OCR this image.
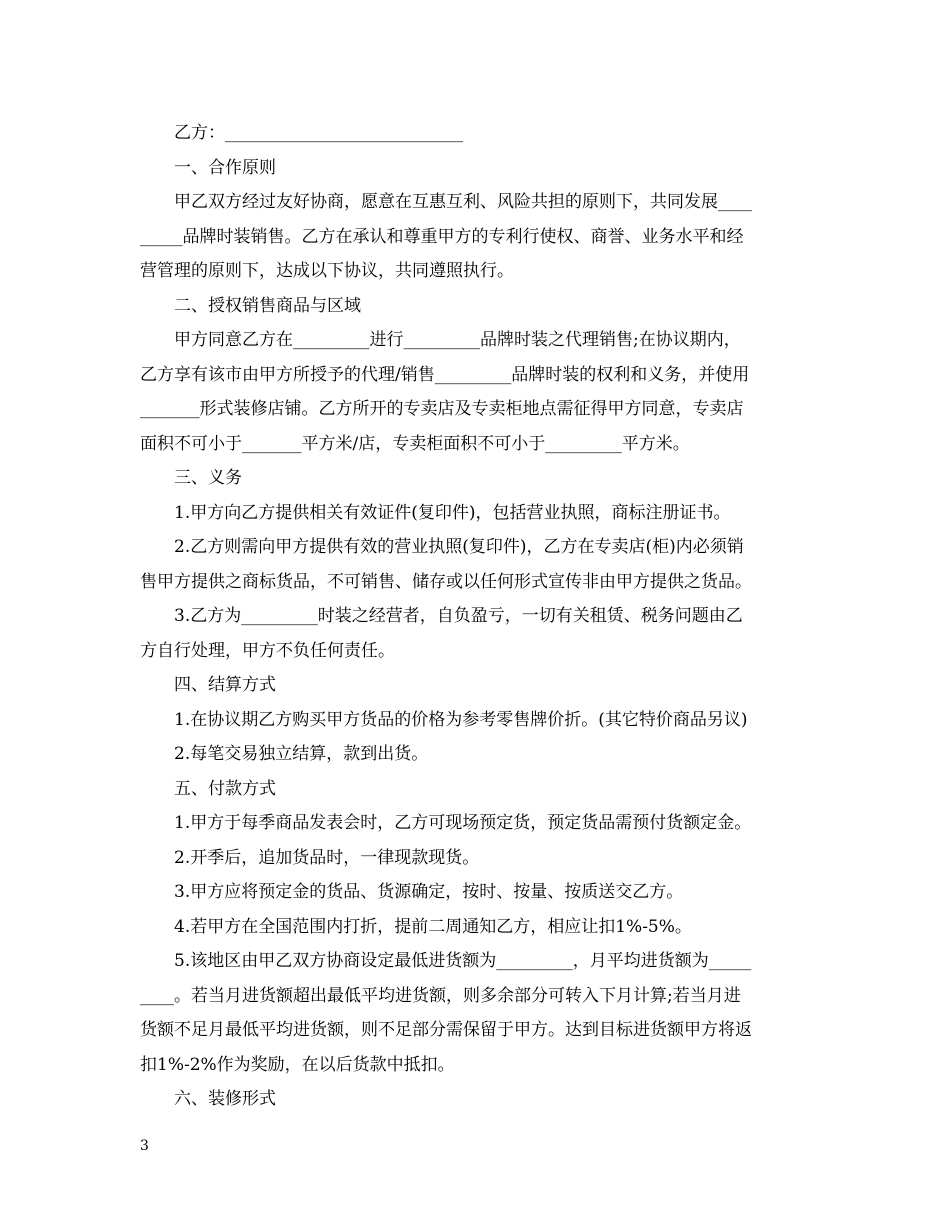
乙方：____________________________
一、合作原则
甲乙双方经过友好协商，愿意在互惠互利、风险共担的原则下，共同发展____
_____品牌时装销售。乙方在承认和尊重甲方的专利行使权、商誉、业务水平和经
营管理的原则下，达成以下协议，共同遵照执行。
二、授权销售商品与区域
甲方同意乙方在_________进行_________品牌时装之代理销售;在协议期内，
乙方享有该市由甲方所授予的代理/销售_________品牌时装的权利和义务，并使用
_______形式装修店铺。乙方所开的专卖店及专卖柜地点需征得甲方同意，专卖店
面积不可小于_______平方米/店，专卖柜面积不可小于_________平方米。
三、义务
1.甲方向乙方提供相关有效证件(复印件)，包括营业执照，商标注册证书。
2.乙方则需向甲方提供有效的营业执照(复印件)，乙方在专卖店(柜)内必须销
售甲方提供之商标货品，不可销售、储存或以任何形式宣传非由甲方提供之货品。
3.乙方为_________时装之经营者，自负盈亏，一切有关租赁、税务问题由乙
方自行处理，甲方不负任何责任。
四、结算方式
1.在协议期乙方购买甲方货品的价格为参考零售牌价折。(其它特价商品另议)
2.每笔交易独立结算，款到出货。
五、付款方式
1.甲方于每季商品发表会时，乙方可现场预定货，预定货品需预付货额定金。
2.开季后，追加货品时，一律现款现货。
3.甲方应将预定金的货品、货源确定，按时、按量、按质送交乙方。
4.若甲方在全国范围内打折，提前二周通知乙方，相应让扣1%-5%。
5.该地区由甲乙双方协商设定最低进货额为_________，月平均进货额为_____
____。若当月进货额超出最低平均进货额，则多余部分可转入下月计算;若当月进
货额不足月最低平均进货额，则不足部分需保留于甲方。达到目标进货额甲方将返
扣1%-2%作为奖励，在以后货款中抵扣。
六、装修形式
3
